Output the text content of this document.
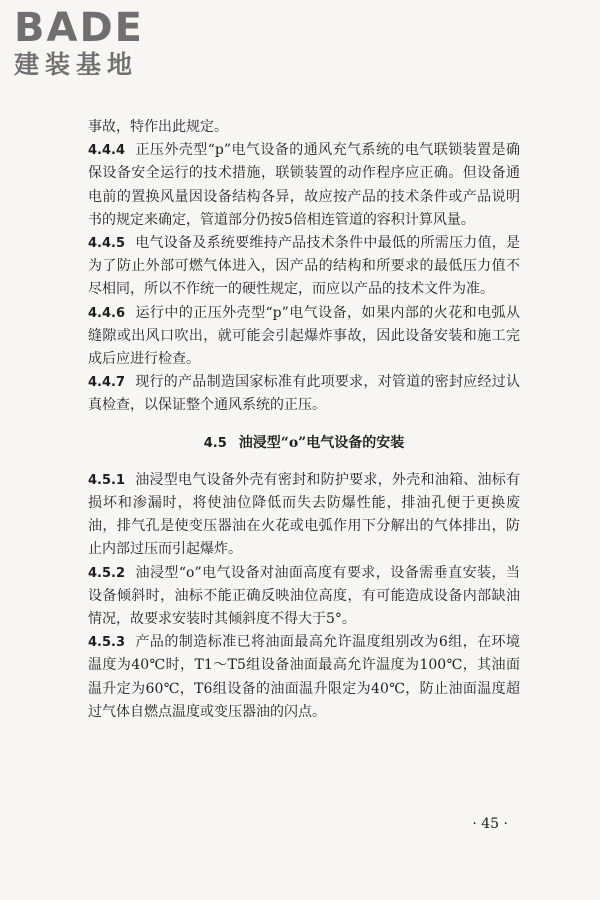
BADE
建装基地

事故，特作出此规定。

4.4.4 正压外壳型“p”电气设备的通风充气系统的电气联锁装置是确保设备安全运行的技术措施，联锁装置的动作程序应正确。但设备通电前的置换风量因设备结构各异，故应按产品的技术条件或产品说明书的规定来确定，管道部分仍按5倍相连管道的容积计算风量。

4.4.5 电气设备及系统要维持产品技术条件中最低的所需压力值，是为了防止外部可燃气体进入，因产品的结构和所要求的最低压力值不尽相同，所以不作统一的硬性规定，而应以产品的技术文件为准。

4.4.6 运行中的正压外壳型“p”电气设备，如果内部的火花和电弧从缝隙或出风口吹出，就可能会引起爆炸事故，因此设备安装和施工完成后应进行检查。

4.4.7 现行的产品制造国家标准有此项要求，对管道的密封应经过认真检查，以保证整个通风系统的正压。

4.5 油浸型“o”电气设备的安装

4.5.1 油浸型电气设备外壳有密封和防护要求，外壳和油箱、油标有损坏和渗漏时，将使油位降低而失去防爆性能，排油孔便于更换废油，排气孔是使变压器油在火花或电弧作用下分解出的气体排出，防止内部过压而引起爆炸。

4.5.2 油浸型“o”电气设备对油面高度有要求，设备需垂直安装，当设备倾斜时，油标不能正确反映油位高度，有可能造成设备内部缺油情况，故要求安装时其倾斜度不得大于5°。

4.5.3 产品的制造标准已将油面最高允许温度组别改为6组，在环境温度为40℃时，T1～T5组设备油面最高允许温度为100℃，其油面温升定为60℃，T6组设备的油面温升限定为40℃，防止油面温度超过气体自燃点温度或变压器油的闪点。

· 45 ·
